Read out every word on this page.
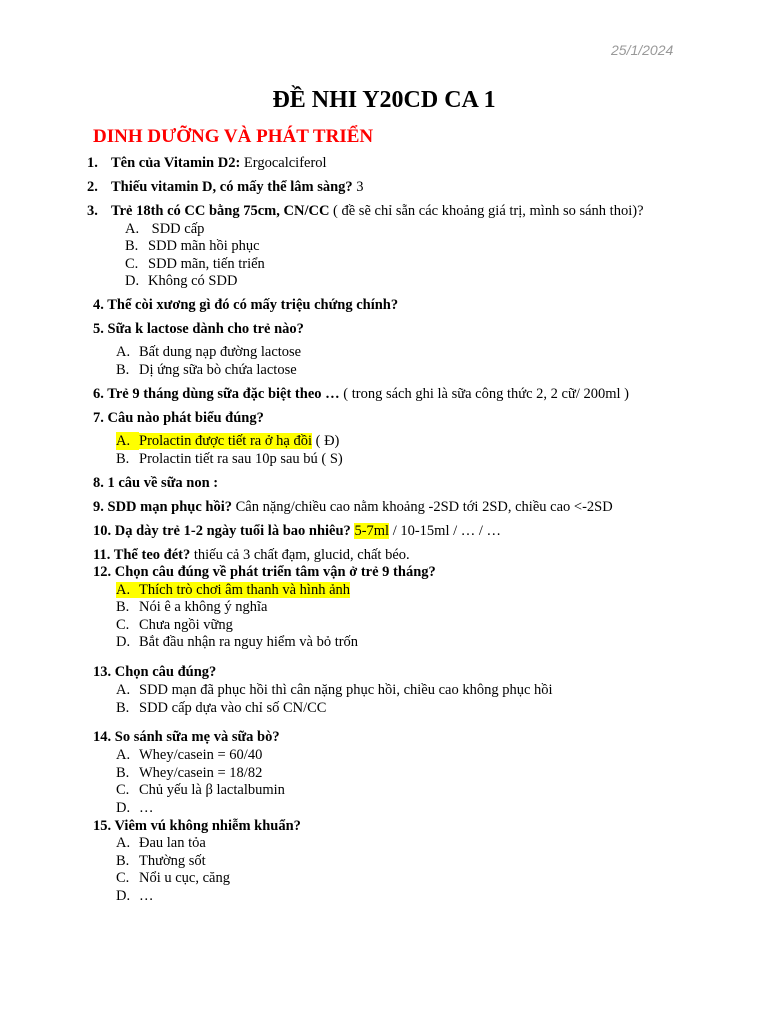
25/1/2024
ĐỀ NHI Y20CD CA 1
DINH DƯỠNG VÀ PHÁT TRIỂN
1. Tên của Vitamin D2: Ergocalciferol
2. Thiếu vitamin D, có mấy thể lâm sàng? 3
3. Trẻ 18th có CC bằng 75cm, CN/CC ( đề sẽ chỉ sẵn các khoảng giá trị, mình so sánh thoi)?
A. SDD cấp
B. SDD mãn hồi phục
C. SDD mãn, tiến triển
D. Không có SDD
4. Thể còi xương gì đó có mấy triệu chứng chính?
5. Sữa k lactose dành cho trẻ nào?
A. Bất dung nạp đường lactose
B. Dị ứng sữa bò chứa lactose
6. Trẻ 9 tháng dùng sữa đặc biệt theo … ( trong sách ghi là sữa công thức 2, 2 cữ/ 200ml )
7. Câu nào phát biểu đúng?
A. Prolactin được tiết ra ở hạ đồi ( Đ)
B. Prolactin tiết ra sau 10p sau bú ( S)
8. 1 câu về sữa non :
9. SDD mạn phục hồi? Cân nặng/chiều cao nằm khoảng -2SD tới 2SD, chiều cao <-2SD
10. Dạ dày trẻ 1-2 ngày tuổi là bao nhiêu? 5-7ml / 10-15ml / … / …
11. Thể teo đét? thiếu cả 3 chất đạm, glucid, chất béo.
12. Chọn câu đúng về phát triển tâm vận ở trẻ 9 tháng?
A. Thích trò chơi âm thanh và hình ảnh
B. Nói ê a không ý nghĩa
C. Chưa ngồi vững
D. Bắt đầu nhận ra nguy hiểm và bỏ trốn
13. Chọn câu đúng?
A. SDD mạn đã phục hồi thì cân nặng phục hồi, chiều cao không phục hồi
B. SDD cấp dựa vào chỉ số CN/CC
14. So sánh sữa mẹ và sữa bò?
A. Whey/casein = 60/40
B. Whey/casein = 18/82
C. Chủ yếu là β lactalbumin
D. …
15. Viêm vú không nhiễm khuẩn?
A. Đau lan tỏa
B. Thường sốt
C. Nổi u cục, căng
D. …
